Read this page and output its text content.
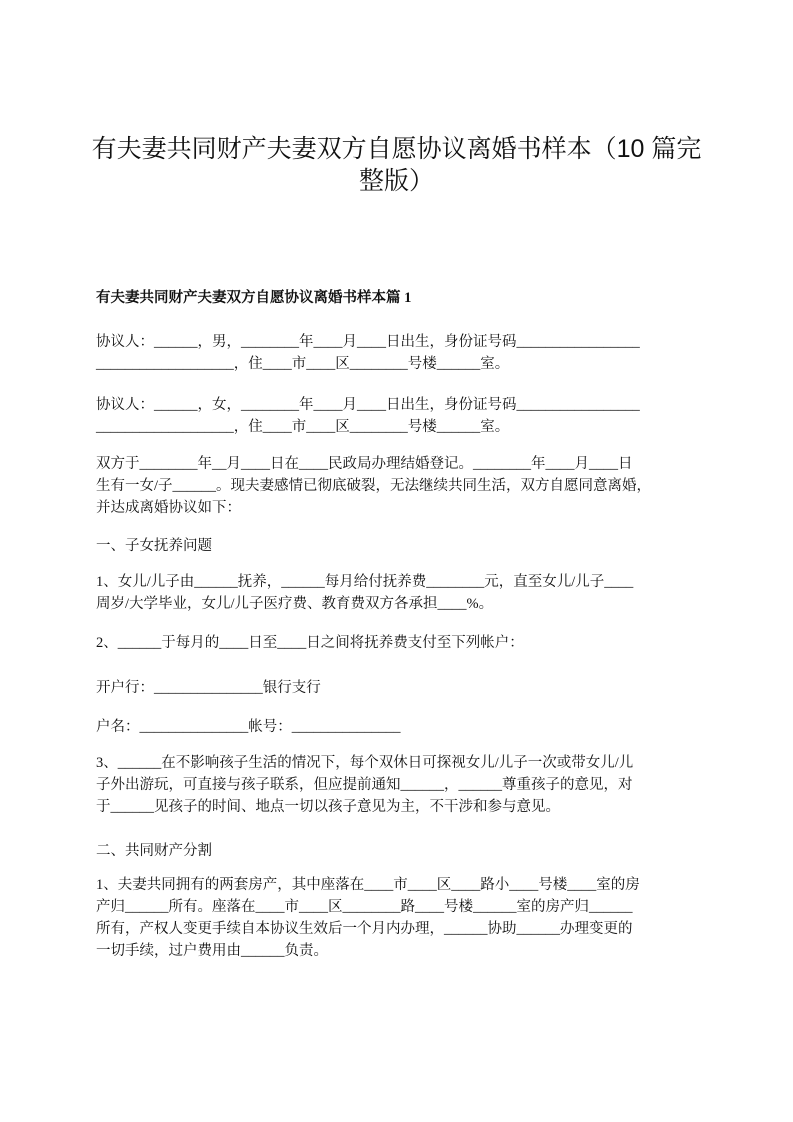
有夫妻共同财产夫妻双方自愿协议离婚书样本（10 篇完
整版）
有夫妻共同财产夫妻双方自愿协议离婚书样本篇 1

协议人：______，男，________年____月____日出生，身份证号码_________________
___________________，住____市____区________号楼______室。

协议人：______，女，________年____月____日出生，身份证号码_________________
___________________，住____市____区________号楼______室。

双方于________年__月____日在____民政局办理结婚登记。________年____月____日
生有一女/子______。现夫妻感情已彻底破裂，无法继续共同生活，双方自愿同意离婚，
并达成离婚协议如下：

一、子女抚养问题

1、女儿/儿子由______抚养，______每月给付抚养费________元，直至女儿/儿子____
周岁/大学毕业，女儿/儿子医疗费、教育费双方各承担____%。

2、______于每月的____日至____日之间将抚养费支付至下列帐户：

开户行：_______________银行支行

户名：_______________帐号：_______________

3、______在不影响孩子生活的情况下，每个双休日可探视女儿/儿子一次或带女儿/儿
子外出游玩，可直接与孩子联系，但应提前通知______，______尊重孩子的意见，对
于______见孩子的时间、地点一切以孩子意见为主，不干涉和参与意见。

二、共同财产分割

1、夫妻共同拥有的两套房产，其中座落在____市____区____路小____号楼____室的房
产归______所有。座落在____市____区________路____号楼______室的房产归______
所有，产权人变更手续自本协议生效后一个月内办理，______协助______办理变更的
一切手续，过户费用由______负责。
